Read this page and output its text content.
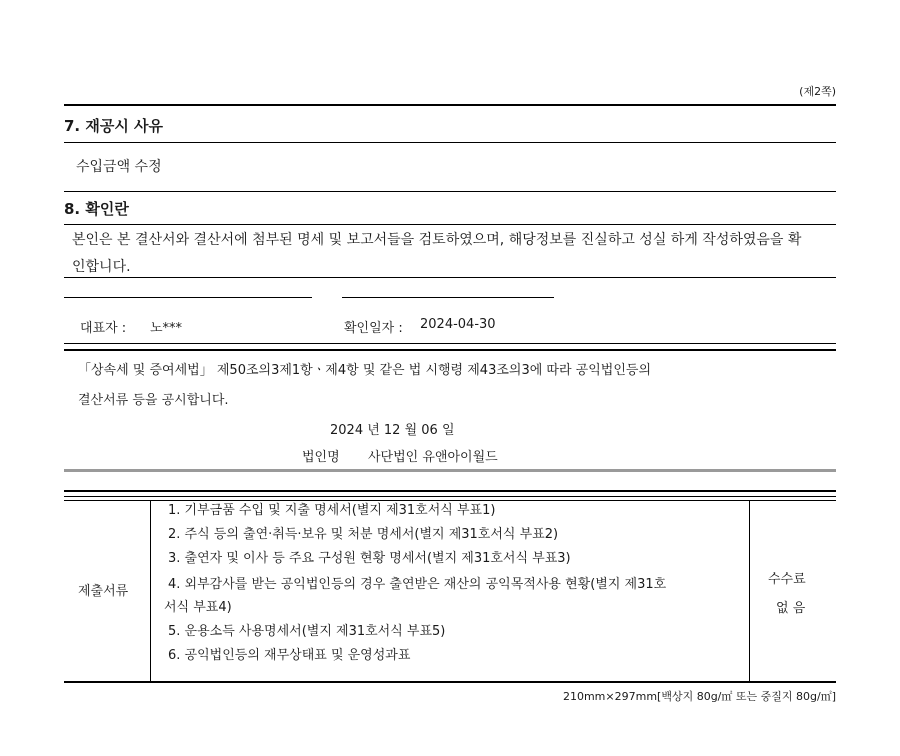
(제2쪽)
7. 재공시 사유
수입금액 수정
8. 확인란
본인은 본 결산서와 결산서에 첨부된 명세 및 보고서들을 검토하였으며, 해당정보를 진실하고 성실 하게 작성하였음을 확
인합니다.
대표자 : 노***	확인일자 : 2024-04-30
「상속세 및 증여세법」 제50조의3제1항ㆍ제4항 및 같은 법 시행령 제43조의3에 따라 공익법인등의
결산서류 등을 공시합니다.
2024 년 12 월 06 일
법인명 사단법인 유앤아이월드
제출서류
1. 기부금품 수입 및 지출 명세서(별지 제31호서식 부표1)
2. 주식 등의 출연·취득·보유 및 처분 명세서(별지 제31호서식 부표2)
3. 출연자 및 이사 등 주요 구성원 현황 명세서(별지 제31호서식 부표3)
4. 외부감사를 받는 공익법인등의 경우 출연받은 재산의 공익목적사용 현황(별지 제31호
서식 부표4)
5. 운용소득 사용명세서(별지 제31호서식 부표5)
6. 공익법인등의 재무상태표 및 운영성과표
수수료
없 음
210mm×297mm[백상지 80g/㎡ 또는 중질지 80g/㎡]
